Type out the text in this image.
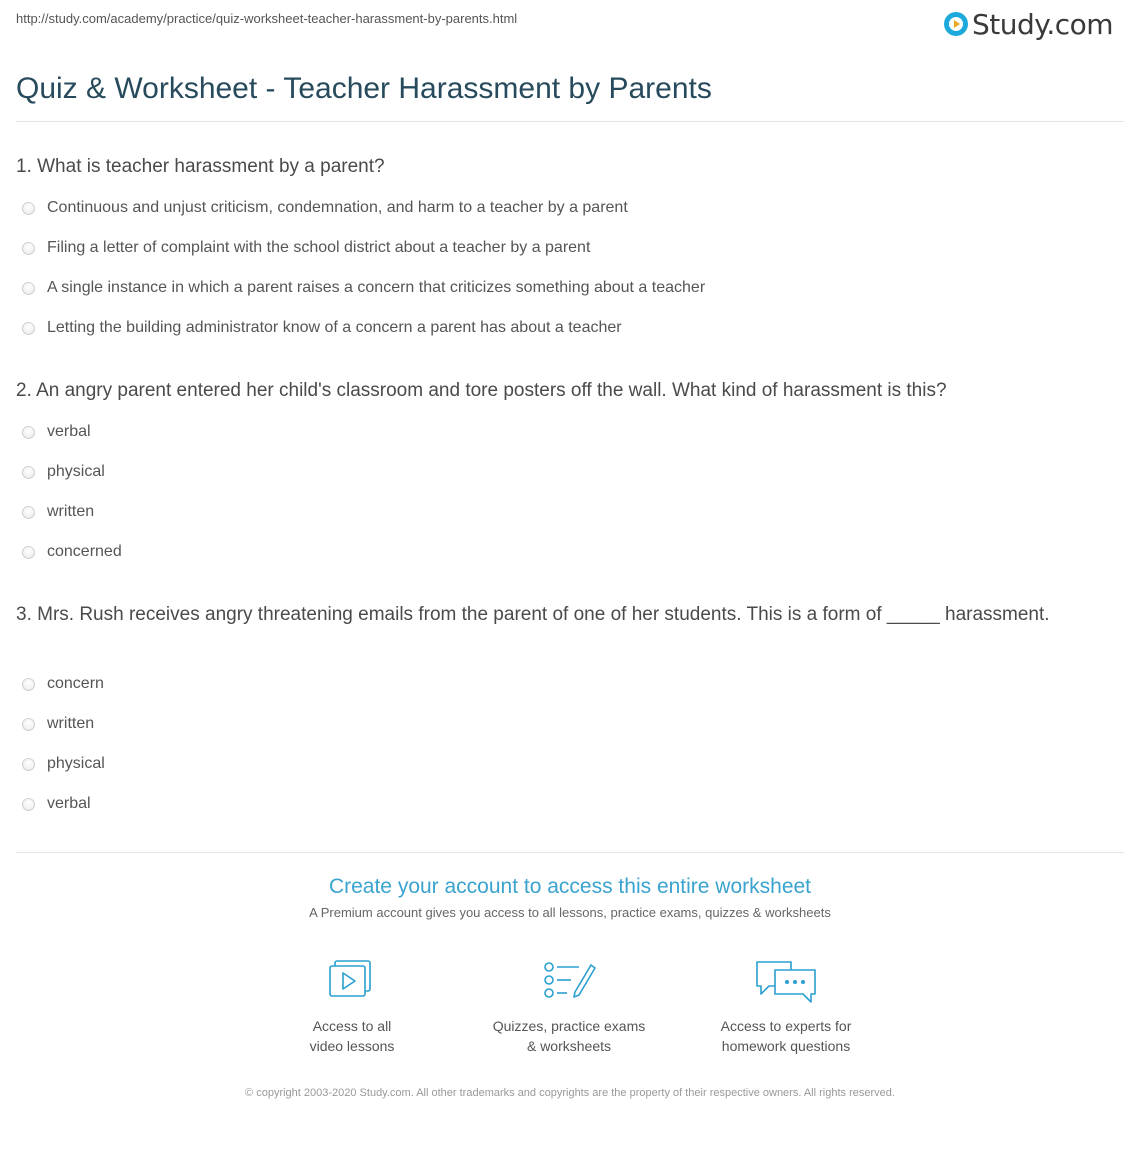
http://study.com/academy/practice/quiz-worksheet-teacher-harassment-by-parents.html	Study.com
Quiz & Worksheet - Teacher Harassment by Parents
1. What is teacher harassment by a parent?
Continuous and unjust criticism, condemnation, and harm to a teacher by a parent
Filing a letter of complaint with the school district about a teacher by a parent
A single instance in which a parent raises a concern that criticizes something about a teacher
Letting the building administrator know of a concern a parent has about a teacher
2. An angry parent entered her child's classroom and tore posters off the wall. What kind of harassment is this?
verbal
physical
written
concerned
3. Mrs. Rush receives angry threatening emails from the parent of one of her students. This is a form of _____ harassment.
concern
written
physical
verbal
Create your account to access this entire worksheet
A Premium account gives you access to all lessons, practice exams, quizzes & worksheets
Access to all
video lessons
Quizzes, practice exams
& worksheets
Access to experts for
homework questions
© copyright 2003-2020 Study.com. All other trademarks and copyrights are the property of their respective owners. All rights reserved.
